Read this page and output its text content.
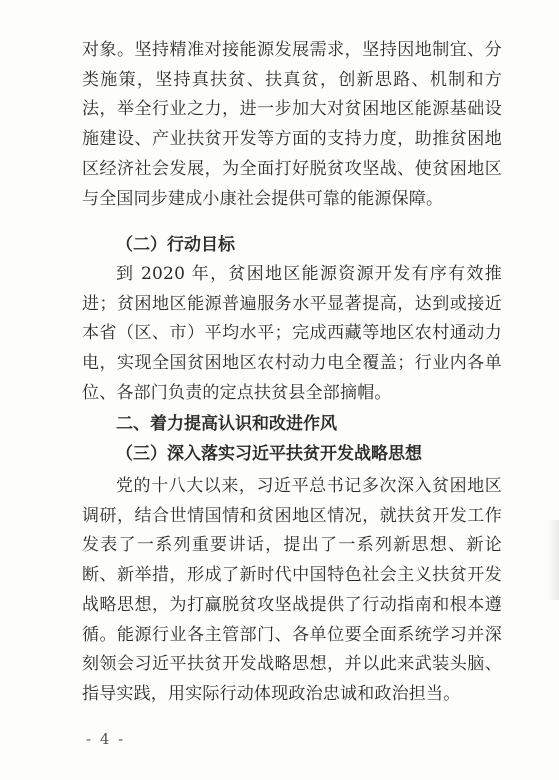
对象。坚持精准对接能源发展需求，坚持因地制宜、分类施策，坚持真扶贫、扶真贫，创新思路、机制和方法，举全行业之力，进一步加大对贫困地区能源基础设施建设、产业扶贫开发等方面的支持力度，助推贫困地区经济社会发展，为全面打好脱贫攻坚战、使贫困地区与全国同步建成小康社会提供可靠的能源保障。
（二）行动目标
到 2020 年，贫困地区能源资源开发有序有效推进；贫困地区能源普遍服务水平显著提高，达到或接近本省（区、市）平均水平；完成西藏等地区农村通动力电，实现全国贫困地区农村动力电全覆盖；行业内各单位、各部门负责的定点扶贫县全部摘帽。
二、着力提高认识和改进作风
（三）深入落实习近平扶贫开发战略思想
党的十八大以来，习近平总书记多次深入贫困地区调研，结合世情国情和贫困地区情况，就扶贫开发工作发表了一系列重要讲话，提出了一系列新思想、新论断、新举措，形成了新时代中国特色社会主义扶贫开发战略思想，为打赢脱贫攻坚战提供了行动指南和根本遵循。能源行业各主管部门、各单位要全面系统学习并深刻领会习近平扶贫开发战略思想，并以此来武装头脑、指导实践，用实际行动体现政治忠诚和政治担当。
- 4 -
